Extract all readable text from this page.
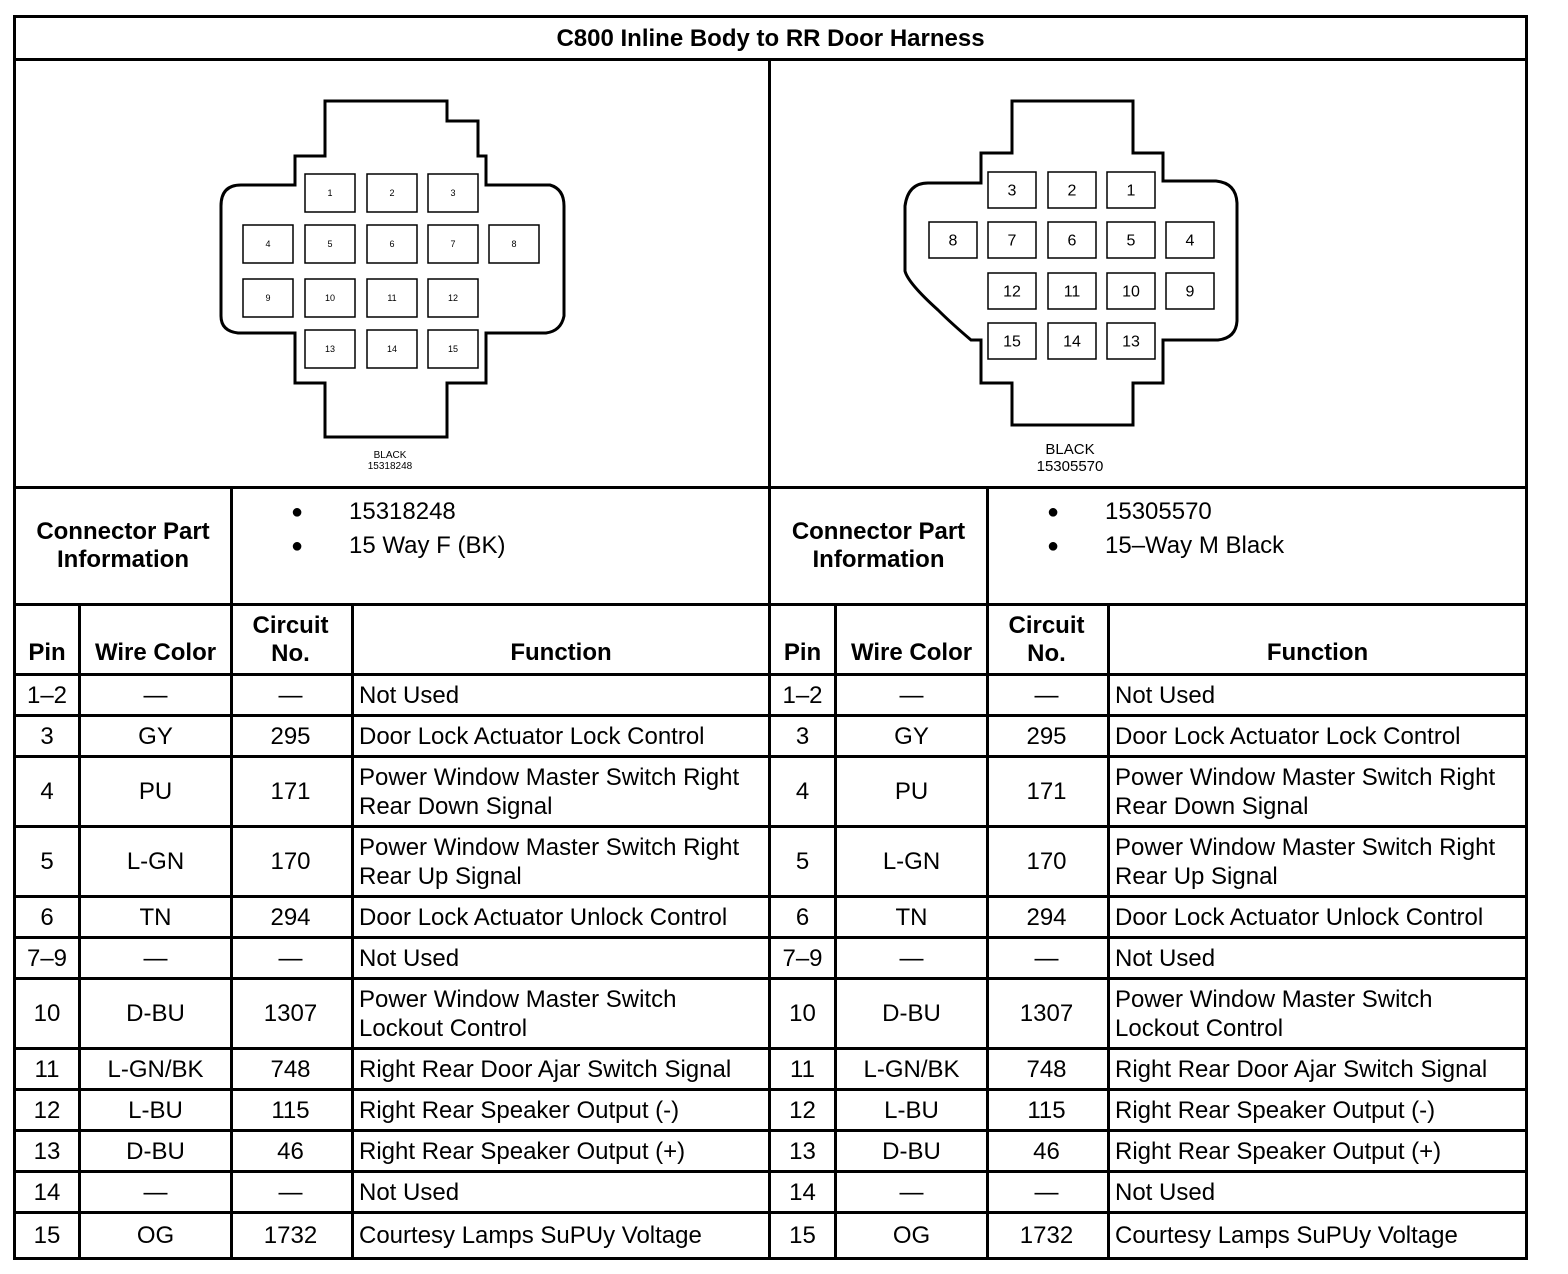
C800 Inline Body to RR Door Harness
1	2	3
4	5	6	7	8
9	10	11	12
13	14	15
BLACK
15318248
3	2	1
8	7	6	5	4
12	11	10	9
15	14	13
BLACK
15305570
Connector Part Information
●	15318248
●	15 Way F (BK)
Connector Part Information
●	15305570
●	15–Way M Black
Pin	Wire Color
Circuit
No.	Function
1–2	—	—	Not Used
3	GY	295	Door Lock Actuator Lock Control
4	PU	171
Power Window Master Switch Right
Rear Down Signal
5	L-GN	170
Power Window Master Switch Right
Rear Up Signal
6	TN	294	Door Lock Actuator Unlock Control
7–9	—	—	Not Used
10	D-BU	1307
Power Window Master Switch
Lockout Control
11	L-GN/BK	748	Right Rear Door Ajar Switch Signal
12	L-BU	115	Right Rear Speaker Output (-)
13	D-BU	46	Right Rear Speaker Output (+)
14	—	—	Not Used
15	OG	1732	Courtesy Lamps SuPUy Voltage
Pin	Wire Color
Circuit
No.	Function
1–2	—	—	Not Used
3	GY	295	Door Lock Actuator Lock Control
4	PU	171
Power Window Master Switch Right
Rear Down Signal
5	L-GN	170
Power Window Master Switch Right
Rear Up Signal
6	TN	294	Door Lock Actuator Unlock Control
7–9	—	—	Not Used
10	D-BU	1307
Power Window Master Switch
Lockout Control
11	L-GN/BK	748	Right Rear Door Ajar Switch Signal
12	L-BU	115	Right Rear Speaker Output (-)
13	D-BU	46	Right Rear Speaker Output (+)
14	—	—	Not Used
15	OG	1732	Courtesy Lamps SuPUy Voltage
